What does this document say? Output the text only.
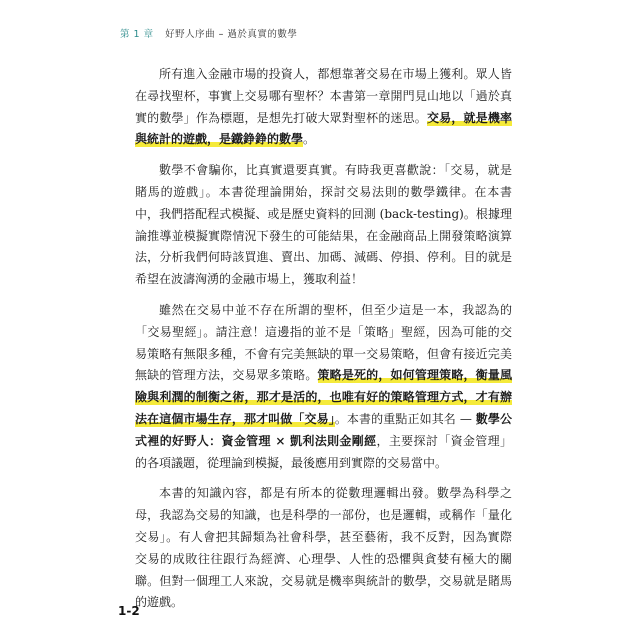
第 1 章 好野人序曲 – 過於真實的數學

所有進入金融市場的投資人，都想靠著交易在市場上獲利。眾人皆在尋找聖杯，事實上交易哪有聖杯？本書第一章開門見山地以「過於真實的數學」作為標題，是想先打破大眾對聖杯的迷思。交易，就是機率與統計的遊戲，是鐵錚錚的數學。

數學不會騙你，比真實還要真實。有時我更喜歡說：「交易，就是賭馬的遊戲」。本書從理論開始，探討交易法則的數學鐵律。在本書中，我們搭配程式模擬、或是歷史資料的回測 (back-testing)。根據理論推導並模擬實際情況下發生的可能結果，在金融商品上開發策略演算法，分析我們何時該買進、賣出、加碼、減碼、停損、停利。目的就是希望在波濤洶湧的金融市場上，獲取利益！

雖然在交易中並不存在所謂的聖杯，但至少這是一本，我認為的「交易聖經」。請注意！這邊指的並不是「策略」聖經，因為可能的交易策略有無限多種，不會有完美無缺的單一交易策略，但會有接近完美無缺的管理方法，交易眾多策略。策略是死的，如何管理策略，衡量風險與利潤的制衡之術，那才是活的，也唯有好的策略管理方式，才有辦法在這個市場生存，那才叫做「交易」。本書的重點正如其名 — 數學公式裡的好野人：資金管理 × 凱利法則金剛經，主要探討「資金管理」的各項議題，從理論到模擬，最後應用到實際的交易當中。

本書的知識內容，都是有所本的從數理邏輯出發。數學為科學之母，我認為交易的知識，也是科學的一部份，也是邏輯，或稱作「量化交易」。有人會把其歸類為社會科學，甚至藝術，我不反對，因為實際交易的成敗往往跟行為經濟、心理學、人性的恐懼與貪婪有極大的關聯。但對一個理工人來說，交易就是機率與統計的數學，交易就是賭馬的遊戲。

1-2
